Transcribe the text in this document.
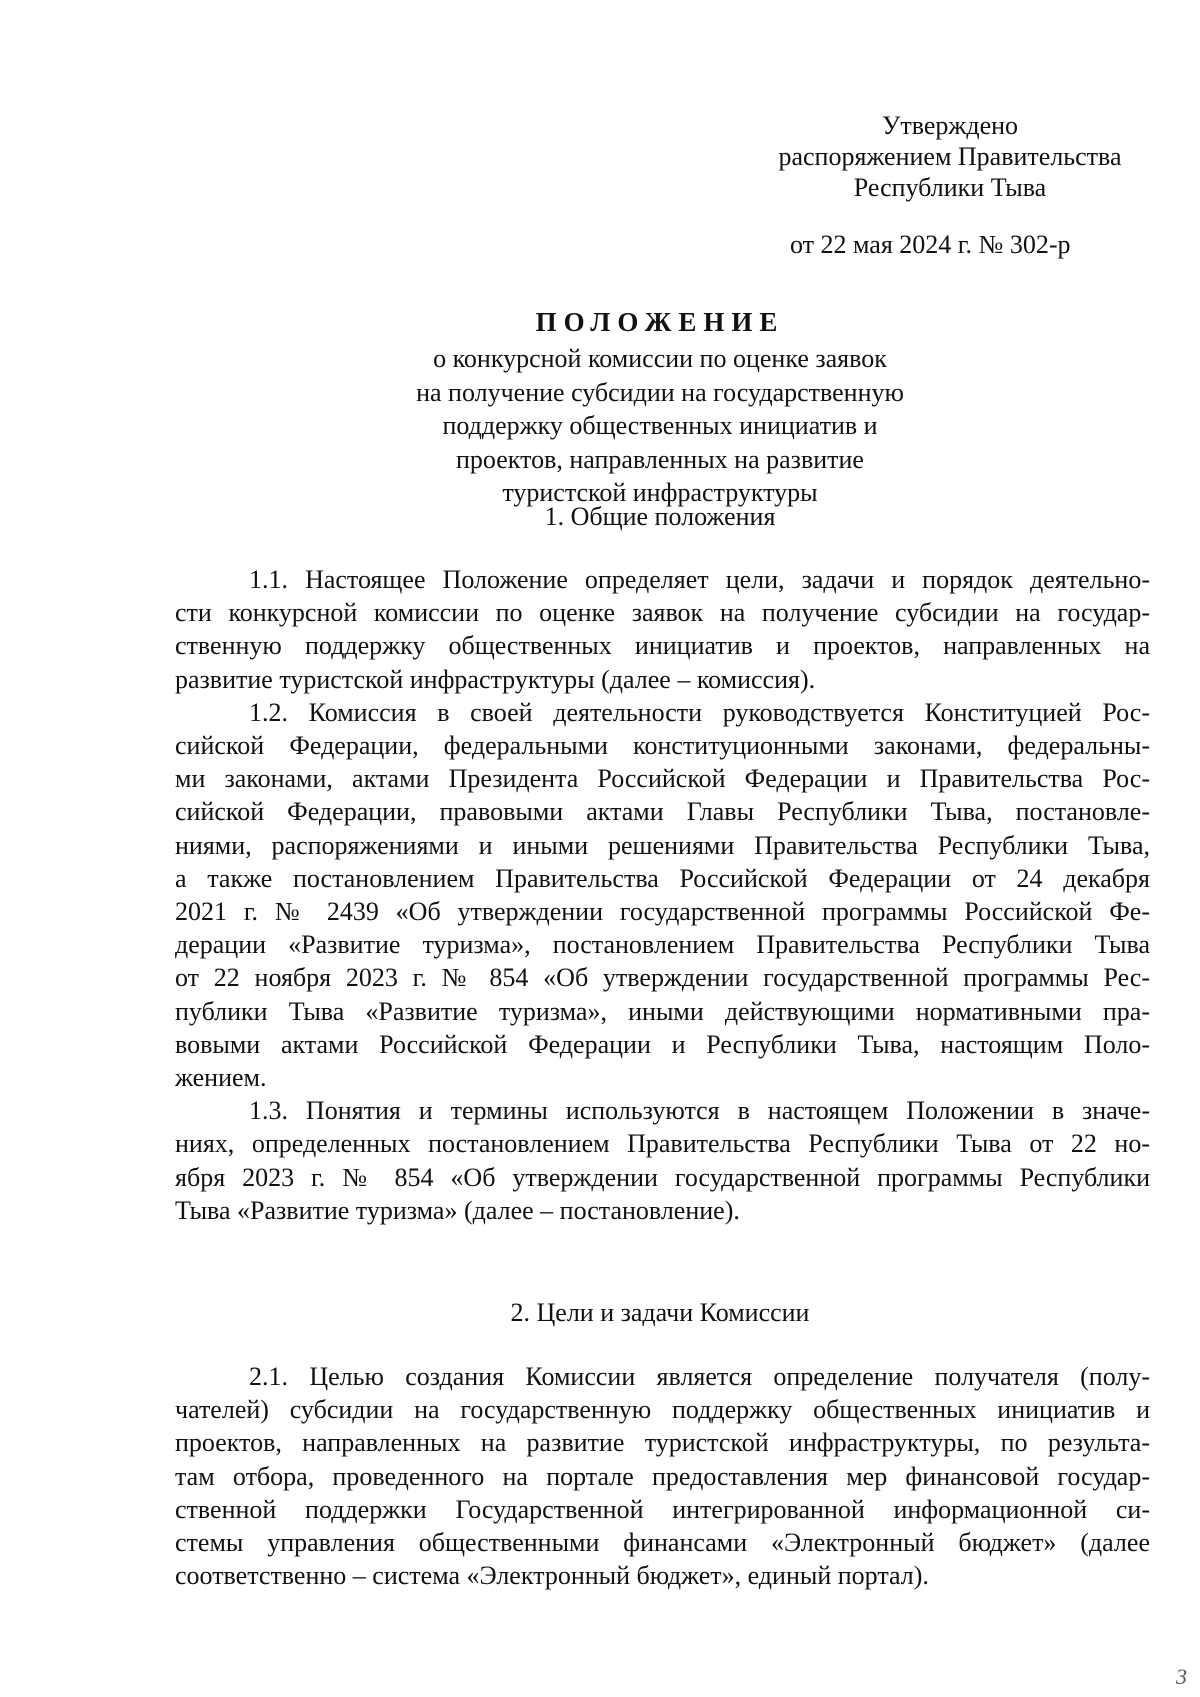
Утверждено
распоряжением Правительства
Республики Тыва
от 22 мая 2024 г. № 302-р
ПОЛОЖЕНИЕ
о конкурсной комиссии по оценке заявок
на получение субсидии на государственную
поддержку общественных инициатив и
проектов, направленных на развитие
туристской инфраструктуры
1. Общие положения

1.1. Настоящее Положение определяет цели, задачи и порядок деятельно-
сти конкурсной комиссии по оценке заявок на получение субсидии на государ-
ственную поддержку общественных инициатив и проектов, направленных на
развитие туристской инфраструктуры (далее – комиссия).

1.2. Комиссия в своей деятельности руководствуется Конституцией Рос-
сийской Федерации, федеральными конституционными законами, федеральны-
ми законами, актами Президента Российской Федерации и Правительства Рос-
сийской Федерации, правовыми актами Главы Республики Тыва, постановле-
ниями, распоряжениями и иными решениями Правительства Республики Тыва,
а также постановлением Правительства Российской Федерации от 24 декабря
2021 г. № 2439 «Об утверждении государственной программы Российской Фе-
дерации «Развитие туризма», постановлением Правительства Республики Тыва
от 22 ноября 2023 г. № 854 «Об утверждении государственной программы Рес-
публики Тыва «Развитие туризма», иными действующими нормативными пра-
вовыми актами Российской Федерации и Республики Тыва, настоящим Поло-
жением.

1.3. Понятия и термины используются в настоящем Положении в значе-
ниях, определенных постановлением Правительства Республики Тыва от 22 но-
ября 2023 г. № 854 «Об утверждении государственной программы Республики
Тыва «Развитие туризма» (далее – постановление).

2. Цели и задачи Комиссии

2.1. Целью создания Комиссии является определение получателя (полу-
чателей) субсидии на государственную поддержку общественных инициатив и
проектов, направленных на развитие туристской инфраструктуры, по результа-
там отбора, проведенного на портале предоставления мер финансовой государ-
ственной поддержки Государственной интегрированной информационной си-
стемы управления общественными финансами «Электронный бюджет» (далее
соответственно – система «Электронный бюджет», единый портал).

3
